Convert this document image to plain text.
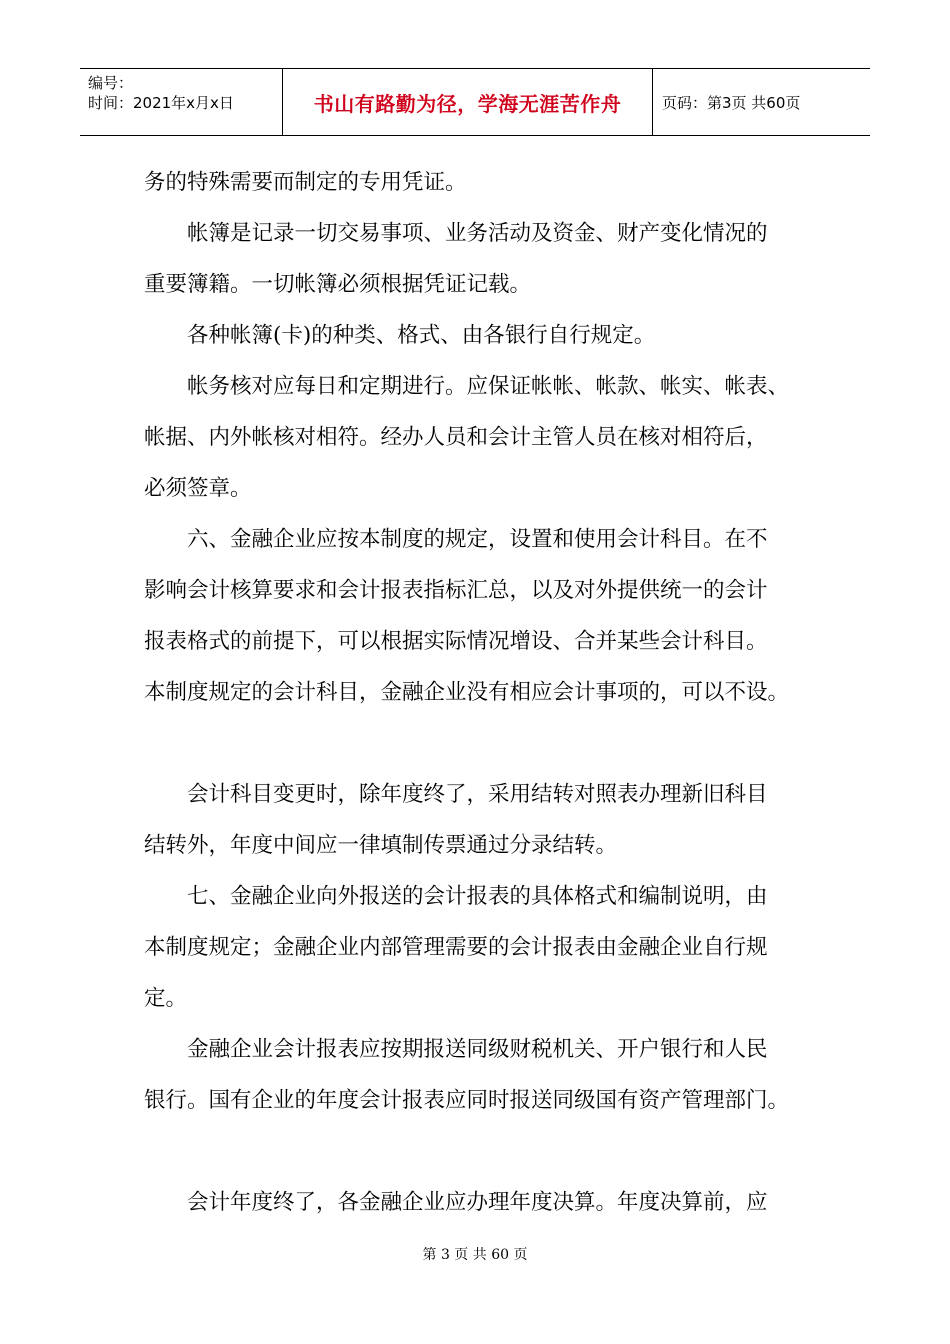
编号：
时间：2021年x月x日	书山有路勤为径，学海无涯苦作舟	页码：第3页 共60页
务的特殊需要而制定的专用凭证。
　　帐簿是记录一切交易事项、业务活动及资金、财产变化情况的
重要簿籍。一切帐簿必须根据凭证记载。
　　各种帐簿(卡)的种类、格式、由各银行自行规定。
　　帐务核对应每日和定期进行。应保证帐帐、帐款、帐实、帐表、
帐据、内外帐核对相符。经办人员和会计主管人员在核对相符后，
必须签章。
　　六、金融企业应按本制度的规定，设置和使用会计科目。在不
影响会计核算要求和会计报表指标汇总，以及对外提供统一的会计
报表格式的前提下，可以根据实际情况增设、合并某些会计科目。
本制度规定的会计科目，金融企业没有相应会计事项的，可以不设。
　　会计科目变更时，除年度终了，采用结转对照表办理新旧科目
结转外，年度中间应一律填制传票通过分录结转。
　　七、金融企业向外报送的会计报表的具体格式和编制说明，由
本制度规定；金融企业内部管理需要的会计报表由金融企业自行规
定。
　　金融企业会计报表应按期报送同级财税机关、开户银行和人民
银行。国有企业的年度会计报表应同时报送同级国有资产管理部门。
　　会计年度终了，各金融企业应办理年度决算。年度决算前，应
第 3 页 共 60 页
